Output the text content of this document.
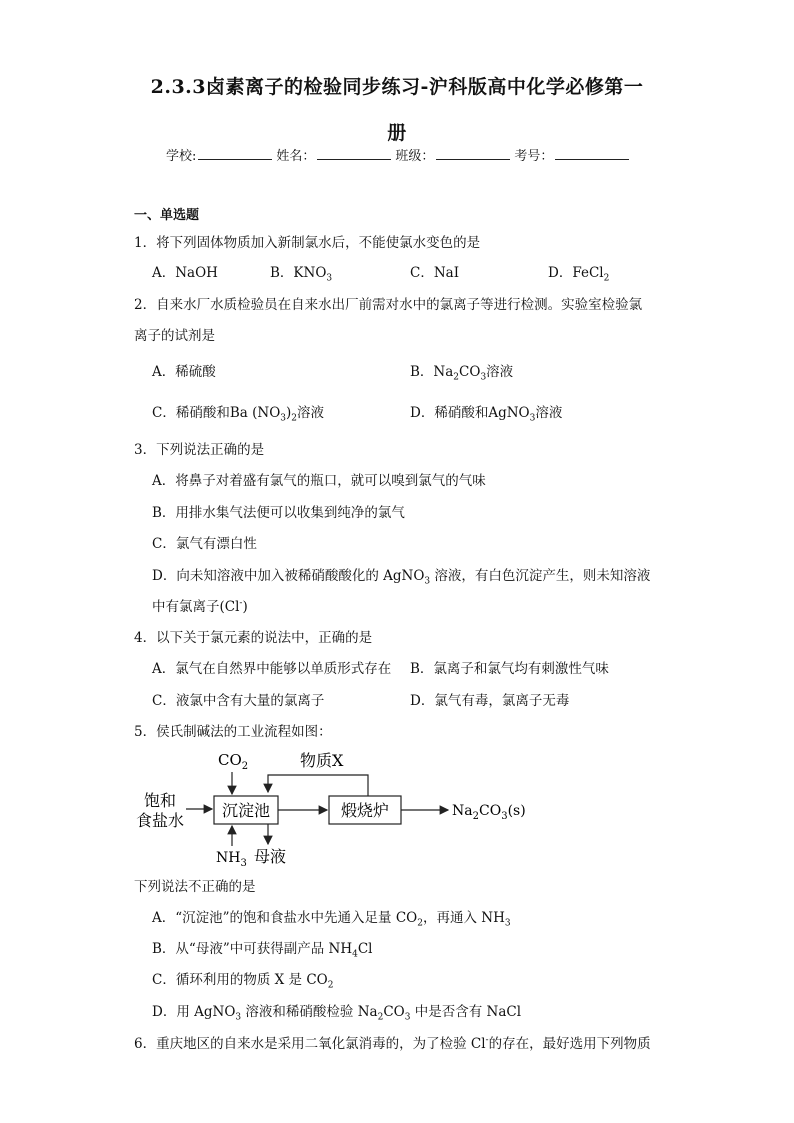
2.3.3卤素离子的检验同步练习-沪科版高中化学必修第一
册
学校:	姓名：	班级：	考号：
一、单选题
1．将下列固体物质加入新制氯水后，不能使氯水变色的是
A．NaOH	B．$KNO_3$	C．NaI	D．FeCl$_2$
2．自来水厂水质检验员在自来水出厂前需对水中的氯离子等进行检测。实验室检验氯
离子的试剂是
A．稀硫酸	B．$Na_2CO_3$溶液
C．稀硝酸和Ba $(NO_3)_2$溶液	D．稀硝酸和AgNO$_3$溶液
3．下列说法正确的是
A．将鼻子对着盛有氯气的瓶口，就可以嗅到氯气的气味
B．用排水集气法便可以收集到纯净的氯气
C．氯气有漂白性
D．向未知溶液中加入被稀硝酸酸化的 AgNO$_3$ 溶液，有白色沉淀产生，则未知溶液
中有氯离子(Cl-)
4．以下关于氯元素的说法中，正确的是
A．氯气在自然界中能够以单质形式存在 B．氯离子和氯气均有刺激性气味
C．液氯中含有大量的氯离子	D．氯气有毒，氯离子无毒
5．侯氏制碱法的工业流程如图：
$CO_2$	物质X
饱和
食盐水
沉淀池	煅烧炉	$Na_2CO_3(s)$
$NH_3$ 母液
下列说法不正确的是
A．“沉淀池”的饱和食盐水中先通入足量 $CO_2$，再通入 $NH_3$
B．从“母液”中可获得副产品 $NH_4Cl$
C．循环利用的物质 X 是 $CO_2$
D．用 AgNO$_3$ 溶液和稀硝酸检验 $Na_2CO_3$ 中是否含有 NaCl
6．重庆地区的自来水是采用二氧化氯消毒的，为了检验 Cl-的存在，最好选用下列物质
